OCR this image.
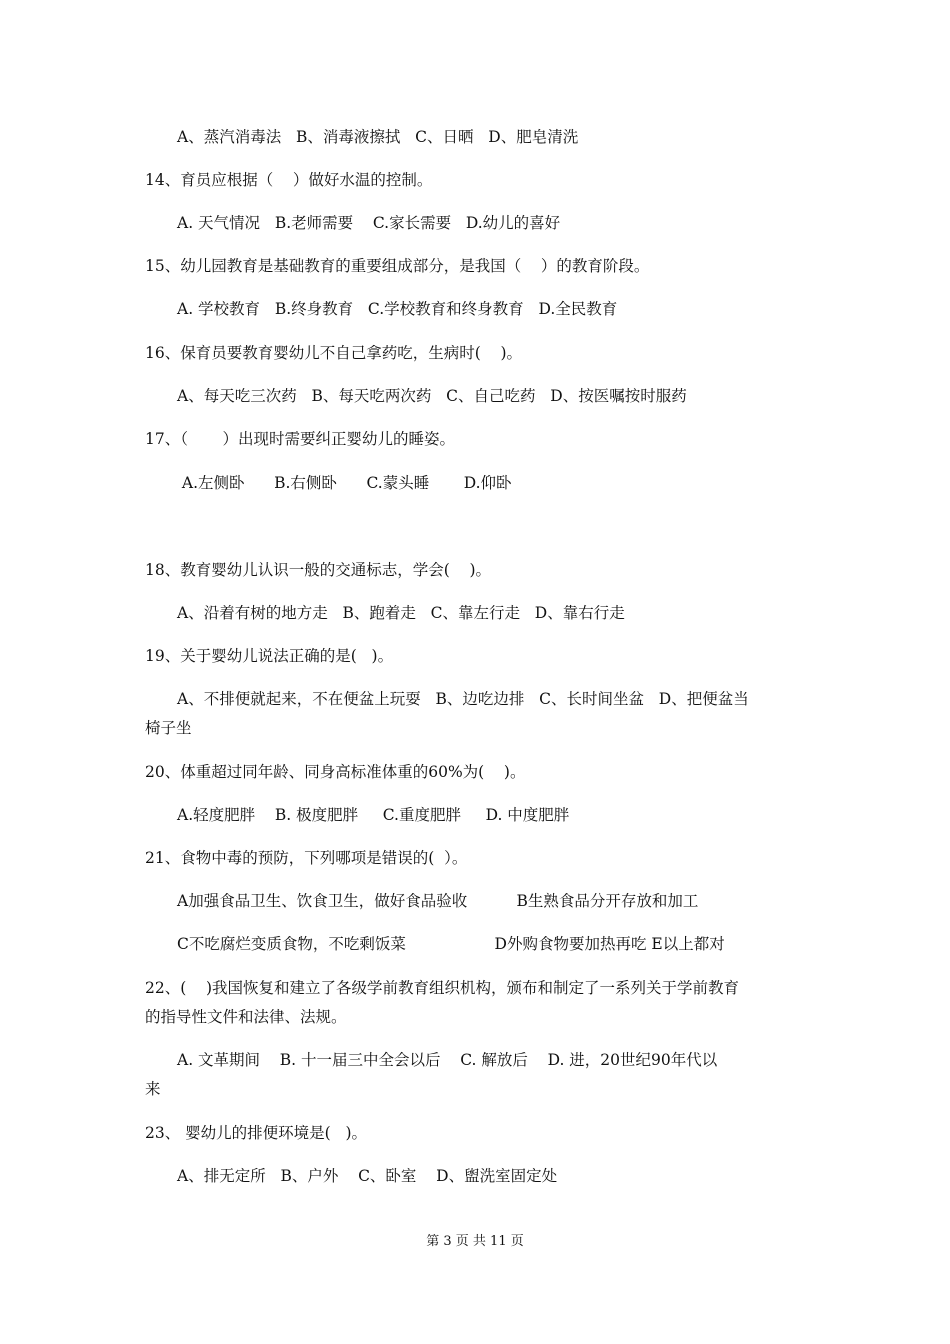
A、蒸汽消毒法   B、消毒液擦拭   C、日晒   D、肥皂清洗

14、育员应根据（    ）做好水温的控制。

A. 天气情况   B.老师需要    C.家长需要   D.幼儿的喜好

15、幼儿园教育是基础教育的重要组成部分，是我国（    ）的教育阶段。

A. 学校教育   B.终身教育   C.学校教育和终身教育   D.全民教育

16、保育员要教育婴幼儿不自己拿药吃，生病时(    )。

A、每天吃三次药   B、每天吃两次药   C、自己吃药   D、按医嘱按时服药

17、（       ）出现时需要纠正婴幼儿的睡姿。

A.左侧卧      B.右侧卧      C.蒙头睡       D.仰卧

18、教育婴幼儿认识一般的交通标志，学会(    )。

A、沿着有树的地方走   B、跑着走   C、靠左行走   D、靠右行走

19、关于婴幼儿说法正确的是(   )。

A、不排便就起来，不在便盆上玩耍   B、边吃边排   C、长时间坐盆   D、把便盆当

椅子坐

20、体重超过同年龄、同身高标准体重的60%为(    )。

A.轻度肥胖    B. 极度肥胖     C.重度肥胖     D. 中度肥胖

21、食物中毒的预防，下列哪项是错误的(  ）。

A加强食品卫生、饮食卫生，做好食品验收          B生熟食品分开存放和加工

C不吃腐烂变质食物，不吃剩饭菜                  D外购食物要加热再吃 E以上都对

22、(    )我国恢复和建立了各级学前教育组织机构，颁布和制定了一系列关于学前教育

的指导性文件和法律、法规。

A. 文革期间    B. 十一届三中全会以后    C. 解放后    D. 进，20世纪90年代以

来

23、 婴幼儿的排便环境是(   )。

A、排无定所   B、户外    C、卧室    D、盥洗室固定处

第 3 页 共 11 页
